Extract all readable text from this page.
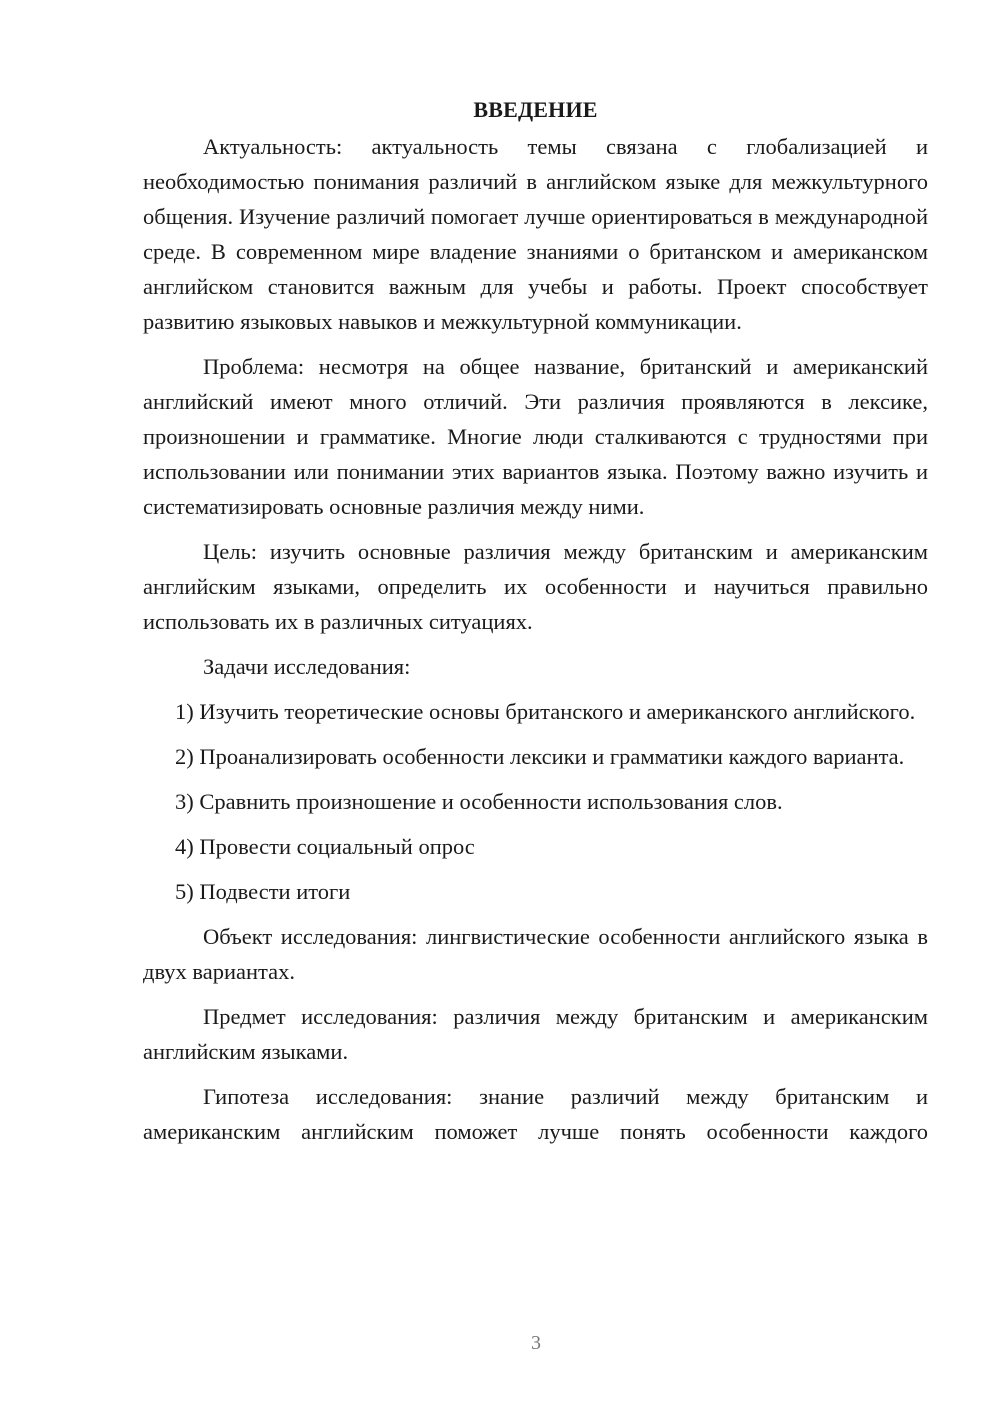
ВВЕДЕНИЕ

Актуальность: актуальность темы связана с глобализацией и необходимостью понимания различий в английском языке для межкультурного общения. Изучение различий помогает лучше ориентироваться в международной среде. В современном мире владение знаниями о британском и американском английском становится важным для учебы и работы. Проект способствует развитию языковых навыков и межкультурной коммуникации.

Проблема: несмотря на общее название, британский и американский английский имеют много отличий. Эти различия проявляются в лексике, произношении и грамматике. Многие люди сталкиваются с трудностями при использовании или понимании этих вариантов языка. Поэтому важно изучить и систематизировать основные различия между ними.

Цель: изучить основные различия между британским и американским английским языками, определить их особенности и научиться правильно использовать их в различных ситуациях.

Задачи исследования:

1) Изучить теоретические основы британского и американского английского.

2) Проанализировать особенности лексики и грамматики каждого варианта.

3) Сравнить произношение и особенности использования слов.

4) Провести социальный опрос

5) Подвести итоги

Объект исследования: лингвистические особенности английского языка в двух вариантах.

Предмет исследования: различия между британским и американским английским языками.

Гипотеза исследования: знание различий между британским и американским английским поможет лучше понять особенности каждого

3
